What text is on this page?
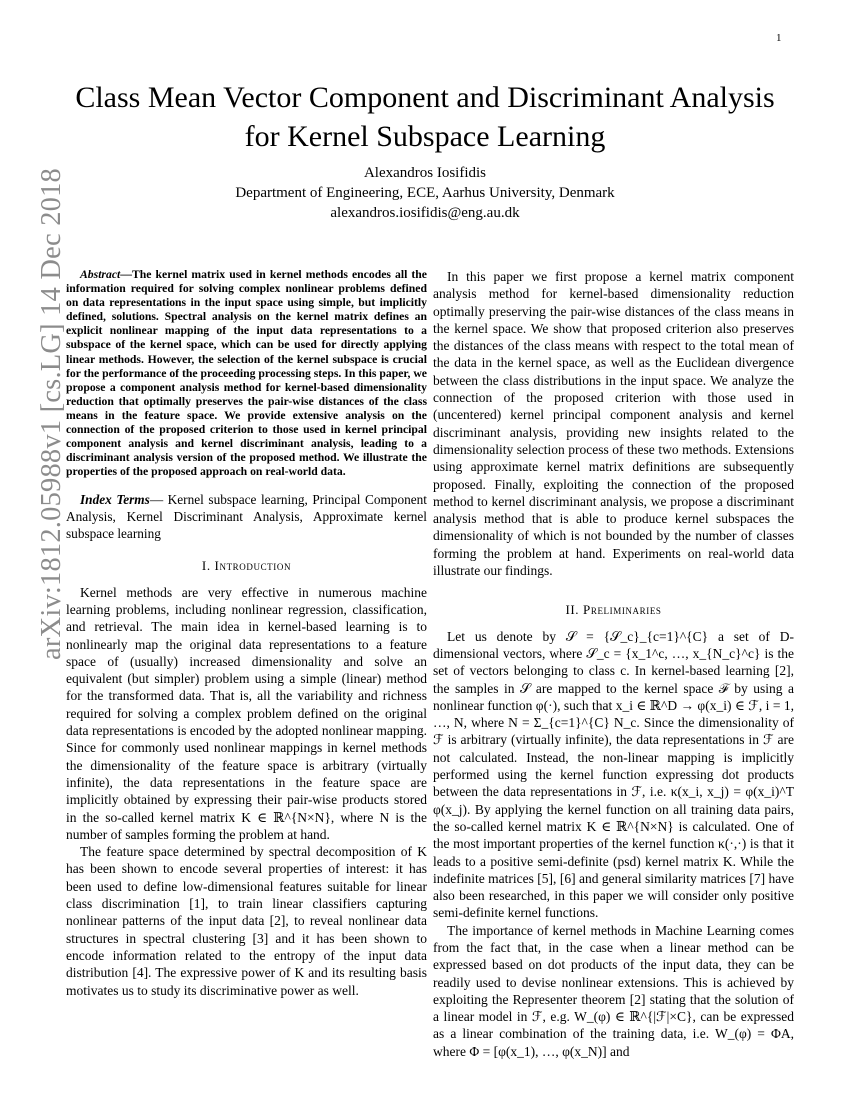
1
arXiv:1812.05988v1 [cs.LG] 14 Dec 2018
Class Mean Vector Component and Discriminant Analysis for Kernel Subspace Learning
Alexandros Iosifidis
Department of Engineering, ECE, Aarhus University, Denmark
alexandros.iosifidis@eng.au.dk

Abstract—The kernel matrix used in kernel methods encodes all the information required for solving complex nonlinear problems defined on data representations in the input space using simple, but implicitly defined, solutions. Spectral analysis on the kernel matrix defines an explicit nonlinear mapping of the input data representations to a subspace of the kernel space, which can be used for directly applying linear methods. However, the selection of the kernel subspace is crucial for the performance of the proceeding processing steps. In this paper, we propose a component analysis method for kernel-based dimensionality reduction that optimally preserves the pair-wise distances of the class means in the feature space. We provide extensive analysis on the connection of the proposed criterion to those used in kernel principal component analysis and kernel discriminant analysis, leading to a discriminant analysis version of the proposed method. We illustrate the properties of the proposed approach on real-world data.

Index Terms— Kernel subspace learning, Principal Component Analysis, Kernel Discriminant Analysis, Approximate kernel subspace learning

I. Introduction

Kernel methods are very effective in numerous machine learning problems, including nonlinear regression, classification, and retrieval. The main idea in kernel-based learning is to nonlinearly map the original data representations to a feature space of (usually) increased dimensionality and solve an equivalent (but simpler) problem using a simple (linear) method for the transformed data. That is, all the variability and richness required for solving a complex problem defined on the original data representations is encoded by the adopted nonlinear mapping. Since for commonly used nonlinear mappings in kernel methods the dimensionality of the feature space is arbitrary (virtually infinite), the data representations in the feature space are implicitly obtained by expressing their pair-wise products stored in the so-called kernel matrix K ∈ ℝ^{N×N}, where N is the number of samples forming the problem at hand.

The feature space determined by spectral decomposition of K has been shown to encode several properties of interest: it has been used to define low-dimensional features suitable for linear class discrimination [1], to train linear classifiers capturing nonlinear patterns of the input data [2], to reveal nonlinear data structures in spectral clustering [3] and it has been shown to encode information related to the entropy of the input data distribution [4]. The expressive power of K and its resulting basis motivates us to study its discriminative power as well.

In this paper we first propose a kernel matrix component analysis method for kernel-based dimensionality reduction optimally preserving the pair-wise distances of the class means in the kernel space. We show that proposed criterion also preserves the distances of the class means with respect to the total mean of the data in the kernel space, as well as the Euclidean divergence between the class distributions in the input space. We analyze the connection of the proposed criterion with those used in (uncentered) kernel principal component analysis and kernel discriminant analysis, providing new insights related to the dimensionality selection process of these two methods. Extensions using approximate kernel matrix definitions are subsequently proposed. Finally, exploiting the connection of the proposed method to kernel discriminant analysis, we propose a discriminant analysis method that is able to produce kernel subspaces the dimensionality of which is not bounded by the number of classes forming the problem at hand. Experiments on real-world data illustrate our findings.

II. Preliminaries

Let us denote by 𝒮 = {𝒮_c}_{c=1}^{C} a set of D-dimensional vectors, where 𝒮_c = {x_1^c, …, x_{N_c}^c} is the set of vectors belonging to class c. In kernel-based learning [2], the samples in 𝒮 are mapped to the kernel space ℱ by using a nonlinear function φ(·), such that x_i ∈ ℝ^D → φ(x_i) ∈ ℱ, i = 1, …, N, where N = Σ_{c=1}^{C} N_c. Since the dimensionality of ℱ is arbitrary (virtually infinite), the data representations in ℱ are not calculated. Instead, the non-linear mapping is implicitly performed using the kernel function expressing dot products between the data representations in ℱ, i.e. κ(x_i, x_j) = φ(x_i)^T φ(x_j). By applying the kernel function on all training data pairs, the so-called kernel matrix K ∈ ℝ^{N×N} is calculated. One of the most important properties of the kernel function κ(·,·) is that it leads to a positive semi-definite (psd) kernel matrix K. While the indefinite matrices [5], [6] and general similarity matrices [7] have also been researched, in this paper we will consider only positive semi-definite kernel functions.

The importance of kernel methods in Machine Learning comes from the fact that, in the case when a linear method can be expressed based on dot products of the input data, they can be readily used to devise nonlinear extensions. This is achieved by exploiting the Representer theorem [2] stating that the solution of a linear model in ℱ, e.g. W_(φ) ∈ ℝ^{|ℱ|×C}, can be expressed as a linear combination of the training data, i.e. W_(φ) = ΦA, where Φ = [φ(x_1), …, φ(x_N)] and
